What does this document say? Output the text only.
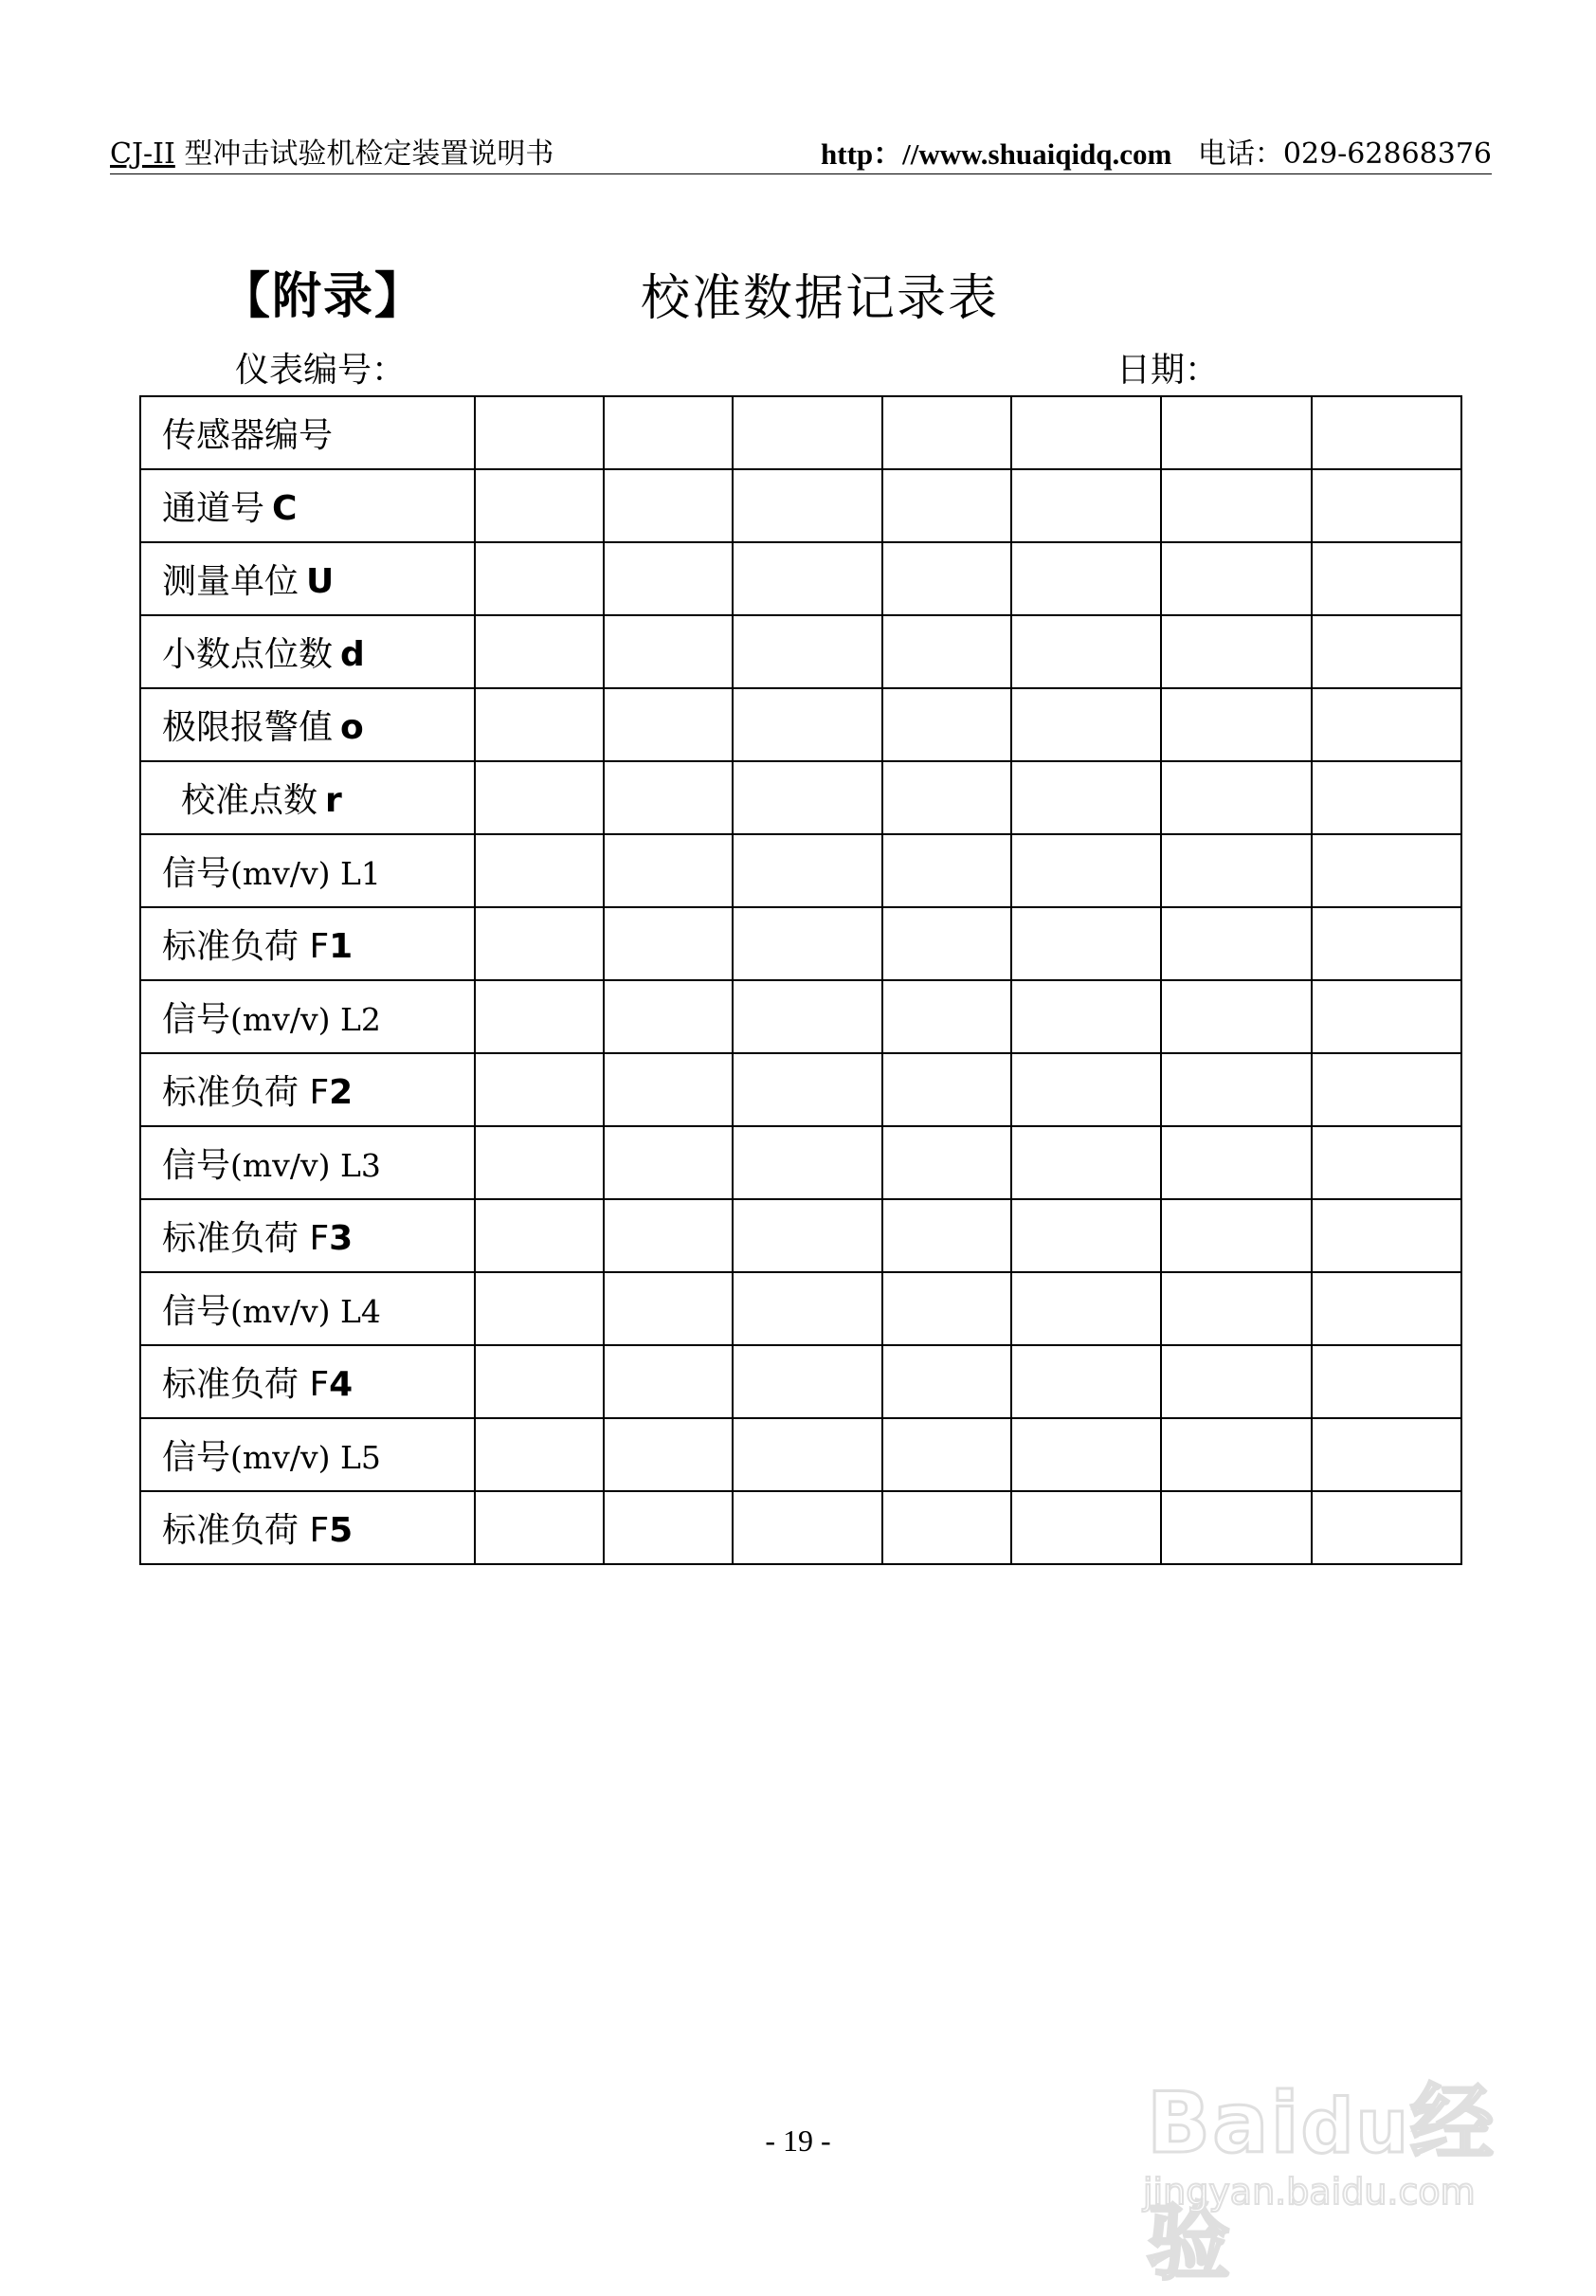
CJ-II 型冲击试验机检定装置说明书	http：//www.shuaiqidq.com 电话：029-62868376
【附录】	校准数据记录表
仪表编号：	日期：
传感器编号							
通道号 C							
测量单位 U							
小数点位数 d							
极限报警值 o							
校准点数 r							
信号(mv/v) L1							
标准负荷 F1							
信号(mv/v) L2							
标准负荷 F2							
信号(mv/v) L3							
标准负荷 F3							
信号(mv/v) L4							
标准负荷 F4							
信号(mv/v) L5							
标准负荷 F5							
- 19 -	Baidu经验
jingyan.baidu.com
